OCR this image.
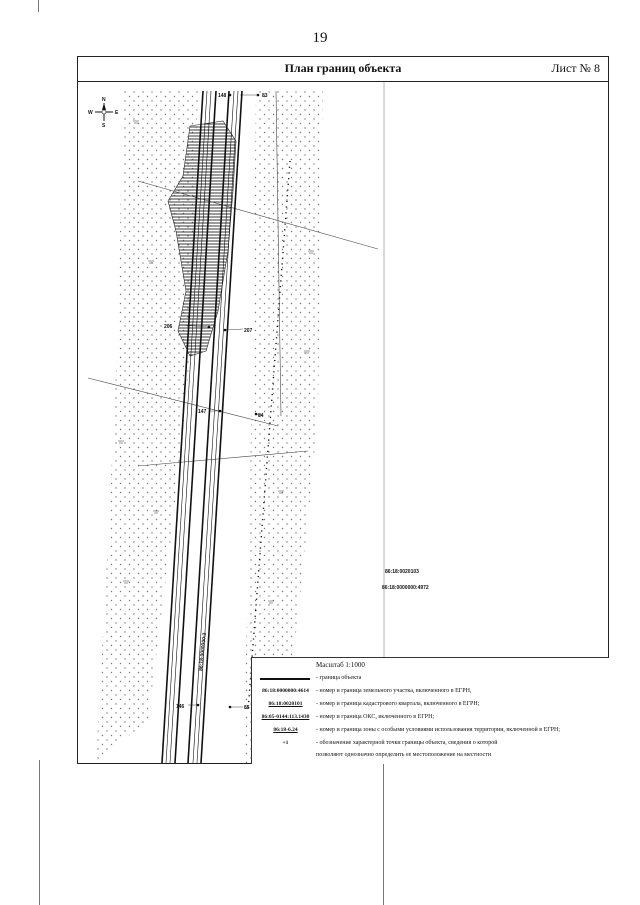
19
План границ объекта	Лист № 8
N
S
W	E
148	83
206
207
147
84
146	85
86:18:0000000:2
86:18:0020103
86:18:0000000:4972
Масштаб 1:1000
- граница объекта
86:18:0000000:4614	- номер и граница земельного участка, включенного в ЕГРН,
86:18:0020101	- номер и граница кадастрового квартала, включенного в ЕГРН;
86:05-0144:113.1430	- номер и граница ОКС, включенного в ЕГРН;
86:18-6.24	- номер и граница зоны с особыми условиями использования территории, включенной в ЕГРН;
+1	- обозначение характерной точки границы объекта, сведения о которой
позволяют однозначно определить ее местоположение на местности
